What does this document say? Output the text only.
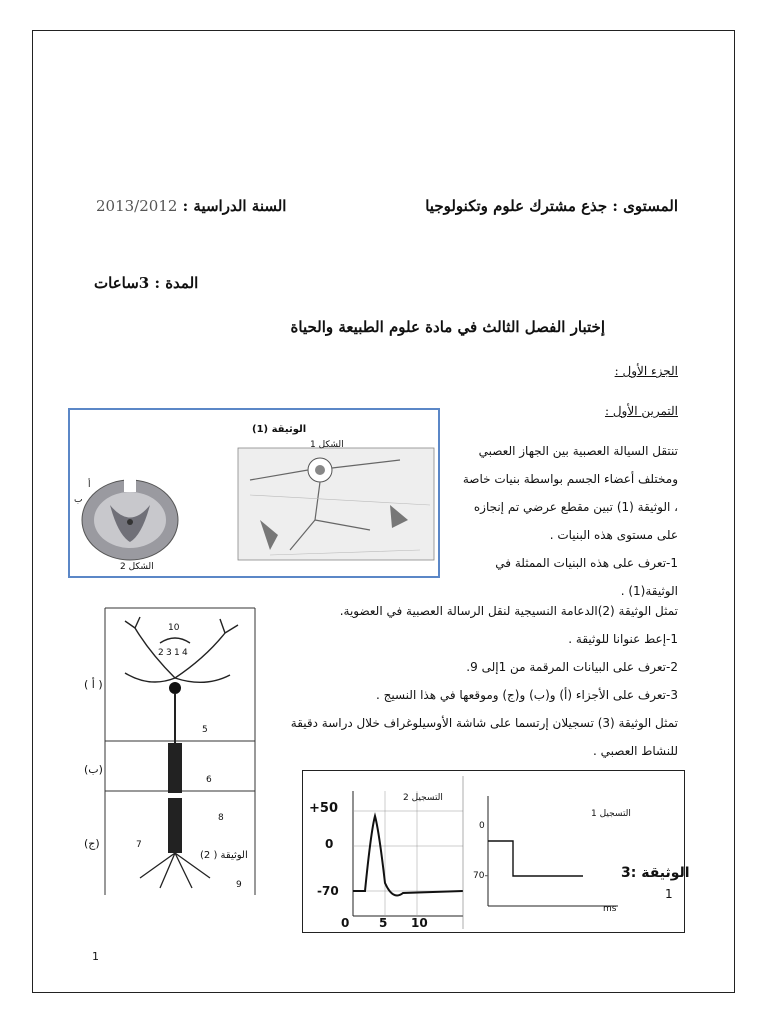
المستوى : جذع مشترك علوم وتكنولوجيا
السنة الدراسية : 2013/2012
المدة : 3ساعات
إختبار الفصل الثالث في مادة علوم الطبيعة والحياة
الجزء الأول :
التمرين الأول :
تنتقل السيالة العصبية بين الجهاز العصبي
ومختلف أعضاء الجسم بواسطة بنيات خاصة
، الوثيقة (1) تبين مقطع عرضي تم إنجازه
على مستوى هذه البنيات .
1-تعرف على هذه البنيات الممثلة في
الوثيقة(1) .
تمثل الوثيقة (2)الدعامة النسيجية لنقل الرسالة العصبية في العضوية.
1-إعط عنوانا للوثيقة .
2-تعرف على البيانات المرقمة من 1إلى 9.
3-تعرف على الأجزاء (أ) و(ب) و(ج) وموقعها في هذا النسيج .
تمثل الوثيقة (3) تسجيلان إرتسما على شاشة الأوسيلوغراف خلال دراسة دقيقة
للنشاط العصبي .
الوثيقة (1)
الشكل 1
الشكل 2
أ
ب
10
2 3 1 4
5
6
7
8
9
( أ )
(ب)
(ج)
الوثيقة ( 2)
+50
0
-70
0 5 10
التسجيل 2
التسجيل 1
0
70-
ms
الوثيقة :3
1
1
